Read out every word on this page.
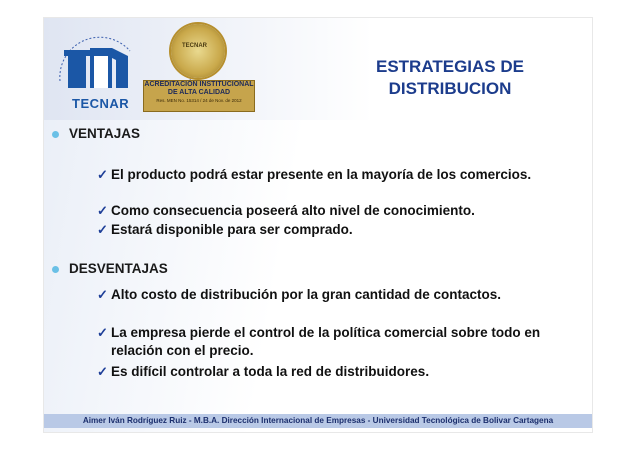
TECNAR
TECNAR
ACREDITACIÓN INSTITUCIONAL
DE ALTA CALIDAD
Res. MEN No. 15314 / 24 de Nov. de 2012
ESTRATEGIAS DE
DISTRIBUCION
VENTAJAS
✓ El producto podrá estar presente en la mayoría de los comercios.
✓ Como consecuencia poseerá alto nivel de conocimiento.
✓ Estará disponible para ser comprado.
DESVENTAJAS
✓ Alto costo de distribución por la gran cantidad de contactos.
✓ La empresa pierde el control de la política comercial sobre todo en relación con el precio.
✓ Es difícil controlar a toda la red de distribuidores.
Aimer Iván Rodríguez Ruiz - M.B.A. Dirección Internacional de Empresas - Universidad Tecnológica de Bolivar Cartagena
